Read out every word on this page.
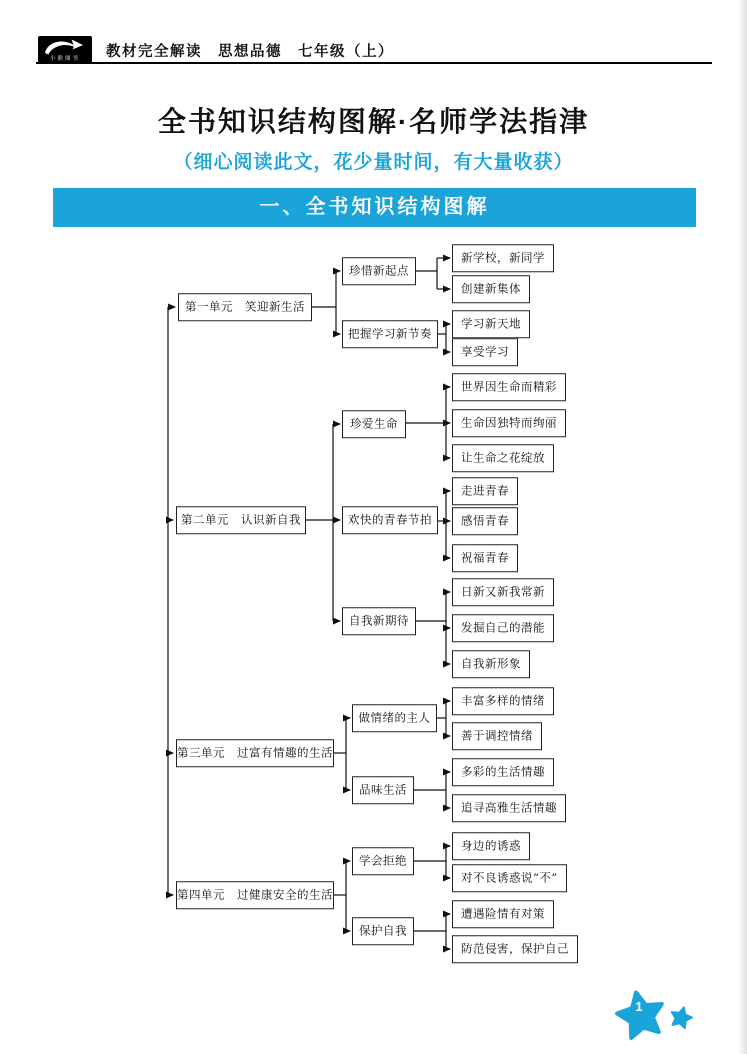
小熊图书 教材完全解读　思想品德　七年级（上）
全书知识结构图解·名师学法指津
（细心阅读此文，花少量时间，有大量收获）
一、全书知识结构图解
第一单元　笑迎新生活
第二单元　认识新自我
第三单元　过富有情趣的生活
第四单元　过健康安全的生活
珍惜新起点
把握学习新节奏
珍爱生命
欢快的青春节拍
自我新期待
做情绪的主人
品味生活
学会拒绝
保护自我
新学校，新同学
创建新集体
学习新天地
享受学习
世界因生命而精彩
生命因独特而绚丽
让生命之花绽放
走进青春
感悟青春
祝福青春
日新又新我常新
发掘自己的潜能
自我新形象
丰富多样的情绪
善于调控情绪
多彩的生活情趣
追寻高雅生活情趣
身边的诱惑
对不良诱惑说“不”
遭遇险情有对策
防范侵害，保护自己
1
